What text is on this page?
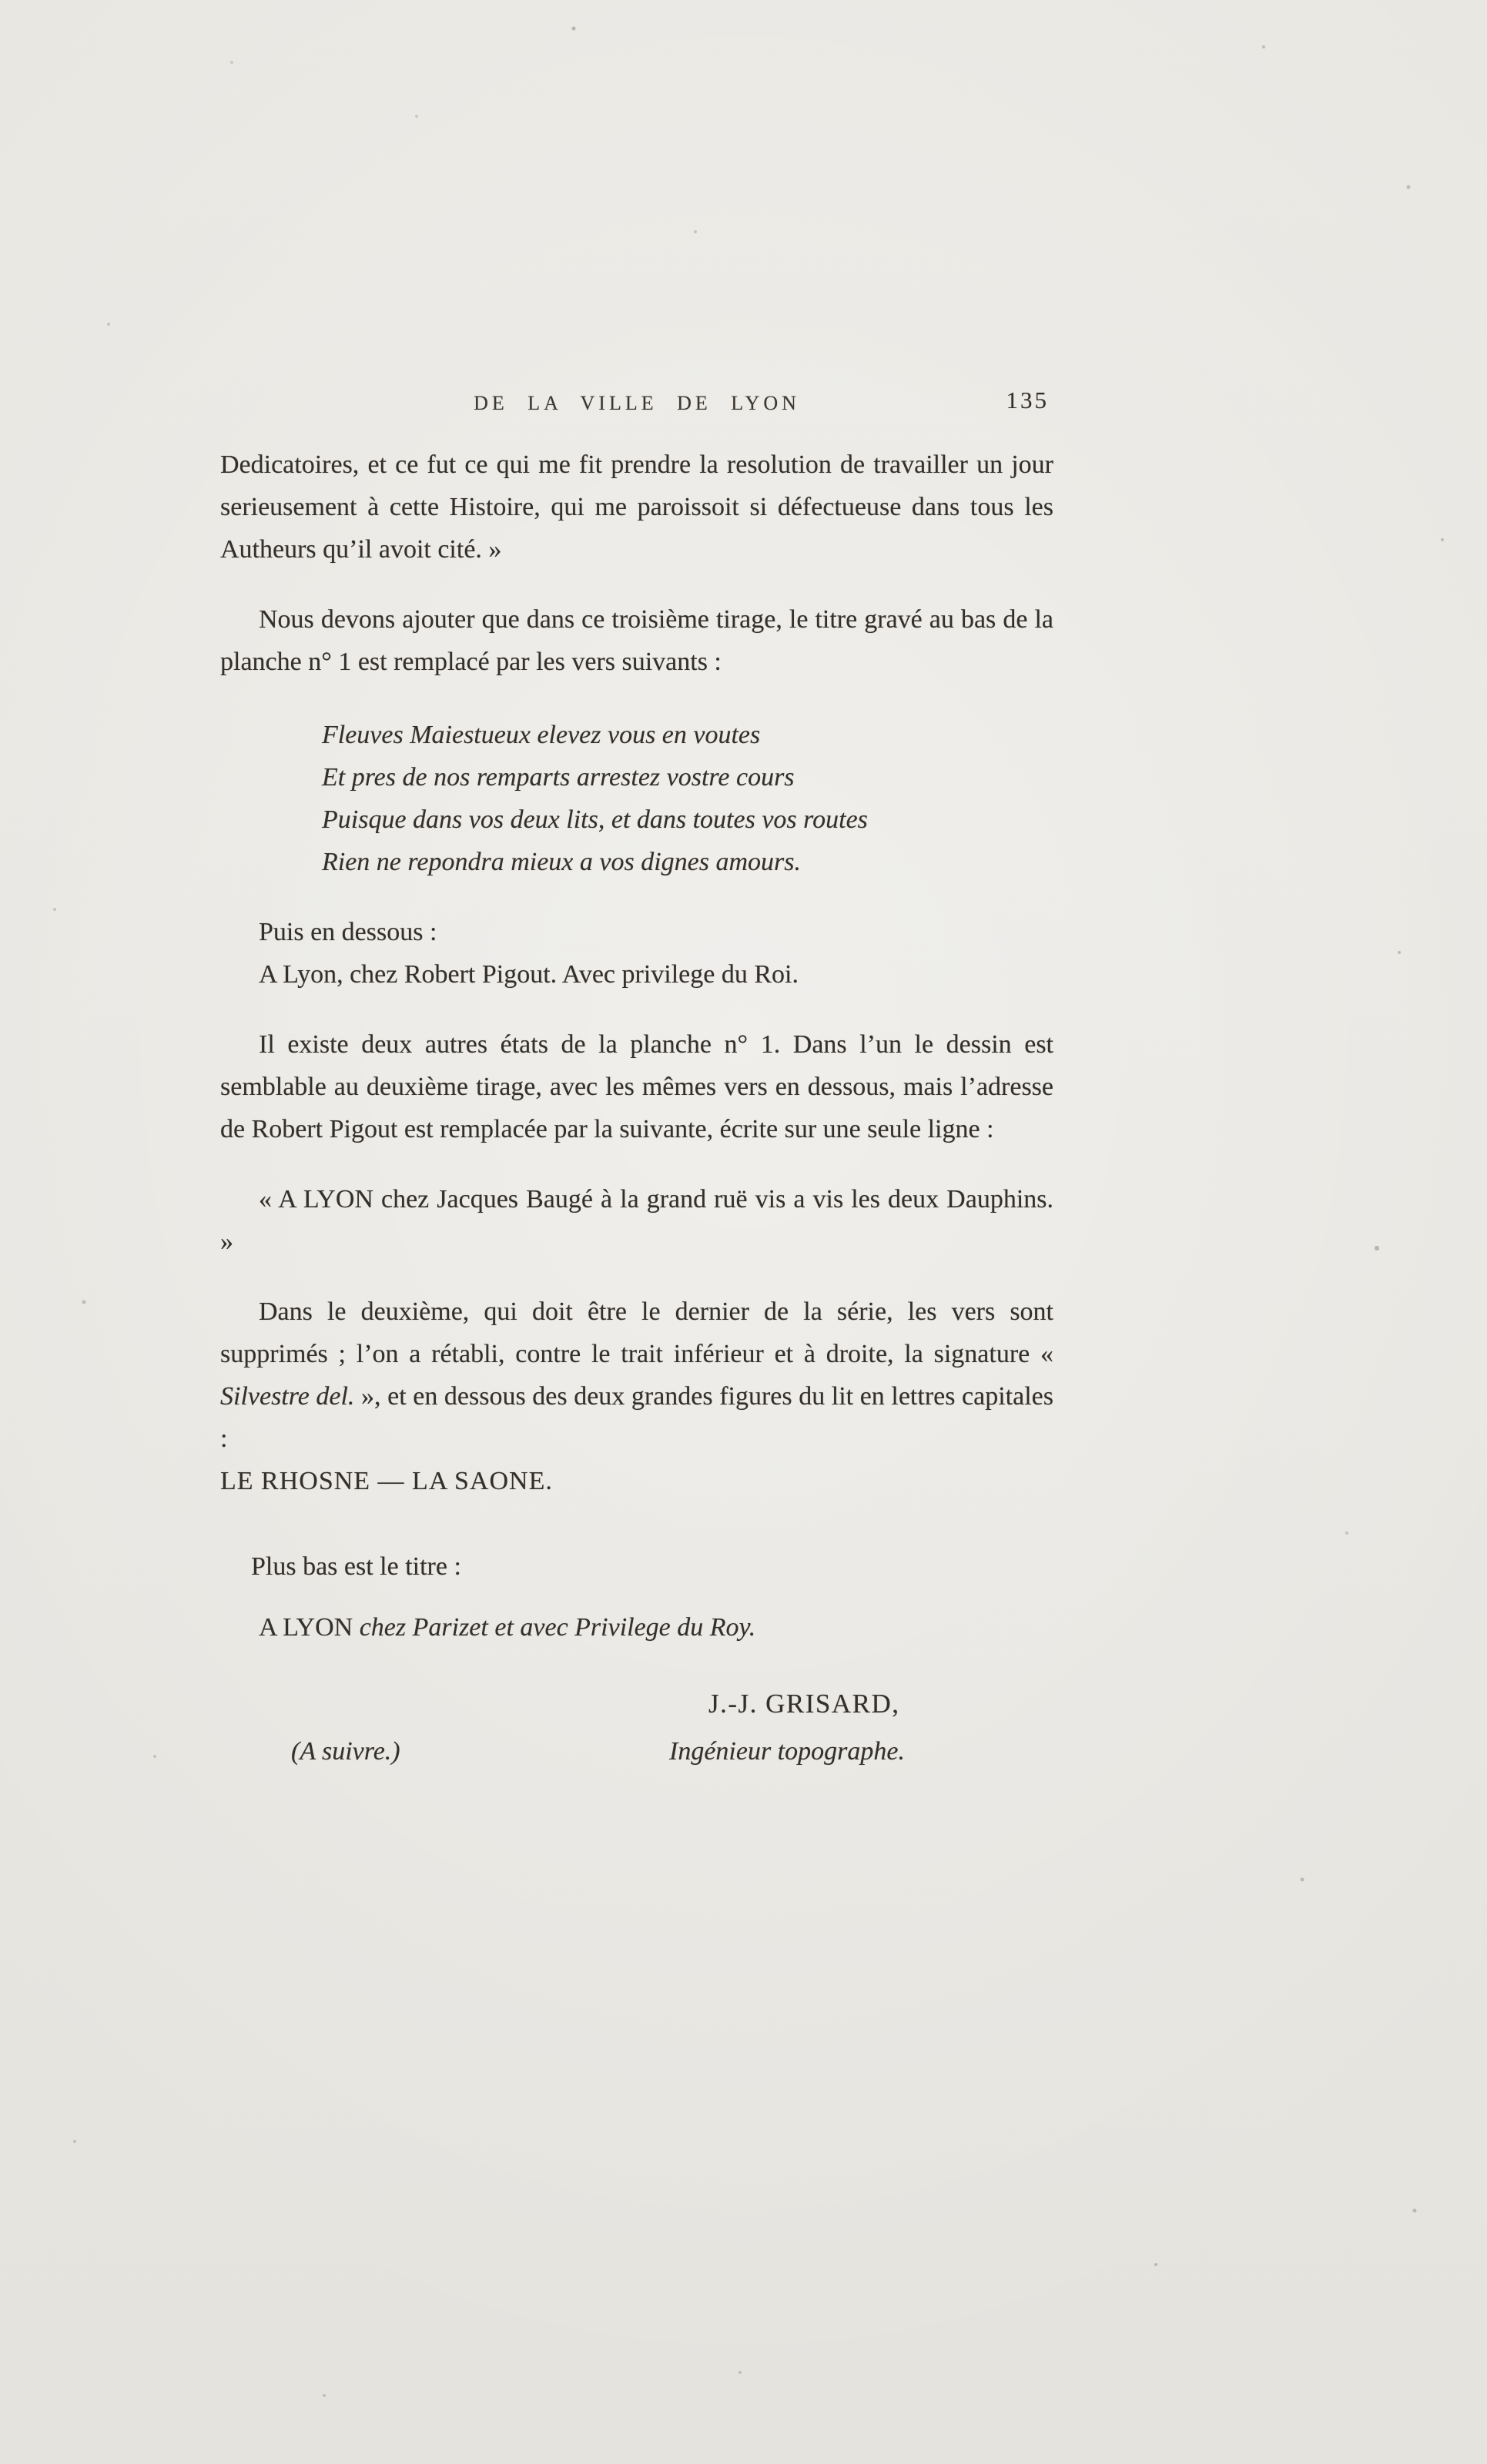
DE LA VILLE DE LYON	135

Dedicatoires, et ce fut ce qui me fit prendre la resolution de travailler un jour serieusement à cette Histoire, qui me paroissoit si défectueuse dans tous les Autheurs qu’il avoit cité. »

Nous devons ajouter que dans ce troisième tirage, le titre gravé au bas de la planche n° 1 est remplacé par les vers suivants :

Fleuves Maiestueux elevez vous en voutes
Et pres de nos remparts arrestez vostre cours
Puisque dans vos deux lits, et dans toutes vos routes
Rien ne repondra mieux a vos dignes amours.

Puis en dessous :

A Lyon, chez Robert Pigout. Avec privilege du Roi.

Il existe deux autres états de la planche n° 1. Dans l’un le dessin est semblable au deuxième tirage, avec les mêmes vers en dessous, mais l’adresse de Robert Pigout est remplacée par la suivante, écrite sur une seule ligne :

« A LYON chez Jacques Baugé à la grand ruë vis a vis les deux Dauphins. »

Dans le deuxième, qui doit être le dernier de la série, les vers sont supprimés ; l’on a rétabli, contre le trait inférieur et à droite, la signature « Silvestre del. », et en dessous des deux grandes figures du lit en lettres capitales :

LE RHOSNE — LA SAONE.

Plus bas est le titre :

A LYON chez Parizet et avec Privilege du Roy.

J.-J. GRISARD,
(A suivre.)	Ingénieur topographe.
